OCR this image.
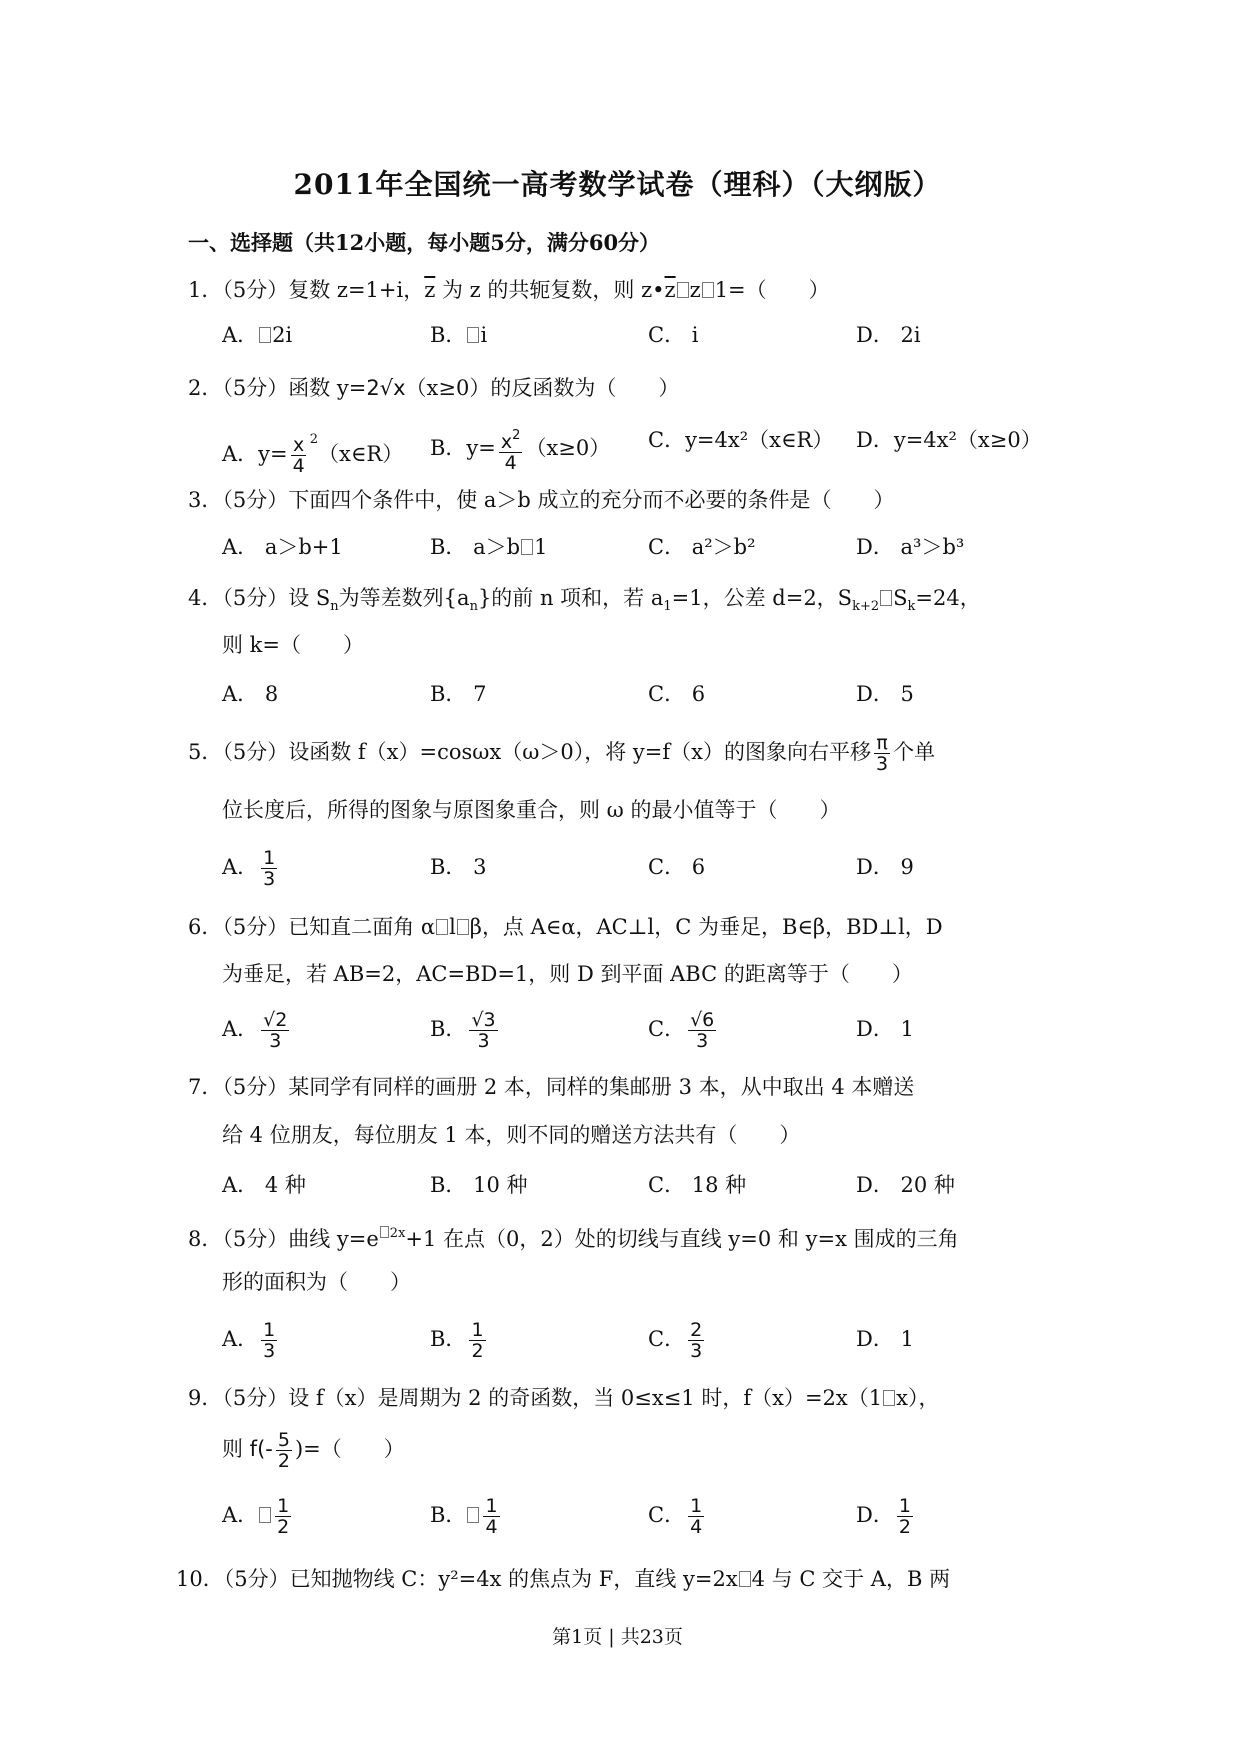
2011年全国统一高考数学试卷（理科）（大纲版）
一、选择题（共12小题，每小题5分，满分60分）
1．（5分）复数 z=1+i，$\overline{z}$ 为 z 的共轭复数，则 $z•\overline{z}$ z 1=（　　）
A． 2i	B． i	C． i	D． 2i
2．（5分）函数 y=2√x（x≥0）的反函数为（　　）
A．$y= \frac{x}{4}$ $^2$（x∈R） B．$y= \frac{x^2}{4} (x\ge 0)$ C．y=4x²（x∈R） D．y=4x²（x≥0）
3．（5分）下面四个条件中，使 a＞b 成立的充分而不必要的条件是（　　）
A． a＞b+1	B． a＞b 1	C． a²＞b²	D． a³＞b³
4．（5分）设 $S_n$为等差数列$\{a_n\}$的前 n 项和，若 $a_1=1$，公差 d=2，$S_{k+2}$ $S_k=24$，
则 k=（　　）
A． 8	B． 7	C． 6	D． 5
5．（5分）设函数 f（x）=cosωx（ω＞0），将 y=f（x）的图象向右平移 $\frac{\pi}{3}$ 个单
位长度后，所得的图象与原图象重合，则 ω 的最小值等于（　　）
A． $\frac{1}{3}$	B． 3	C． 6	D． 9
6．（5分）已知直二面角 α l β，点 A∈α，AC⊥l，C 为垂足，B∈β，BD⊥l，D
为垂足，若 AB=2，AC=BD=1，则 D 到平面 ABC 的距离等于（　　）
A． $\frac{√2}{3}$	B． $\frac{√3}{3}$	C． $\frac{√6}{3}$	D． 1
7．（5分）某同学有同样的画册 2 本，同样的集邮册 3 本，从中取出 4 本赠送
给 4 位朋友，每位朋友 1 本，则不同的赠送方法共有（　　）
A． 4 种	B． 10 种	C． 18 种	D． 20 种
8．（5分）曲线 y=e $^{2x}$+1 在点（0，2）处的切线与直线 y=0 和 y=x 围成的三角
形的面积为（　　）
A． $\frac{1}{3}$	B． $\frac{1}{2}$	C． $\frac{2}{3}$	D． 1
9．（5分）设 f（x）是周期为 2 的奇函数，当 0≤x≤1 时，f（x）=2x（1 x），
则 $f(- \frac{5}{2}$ )=（　　）
A． $\frac{1}{2}$	B． $\frac{1}{4}$	C． $\frac{1}{4}$	D． $\frac{1}{2}$
10．（5分）已知抛物线 C：y²=4x 的焦点为 F，直线 y=2x 4 与 C 交于 A，B 两
第1页 | 共23页
